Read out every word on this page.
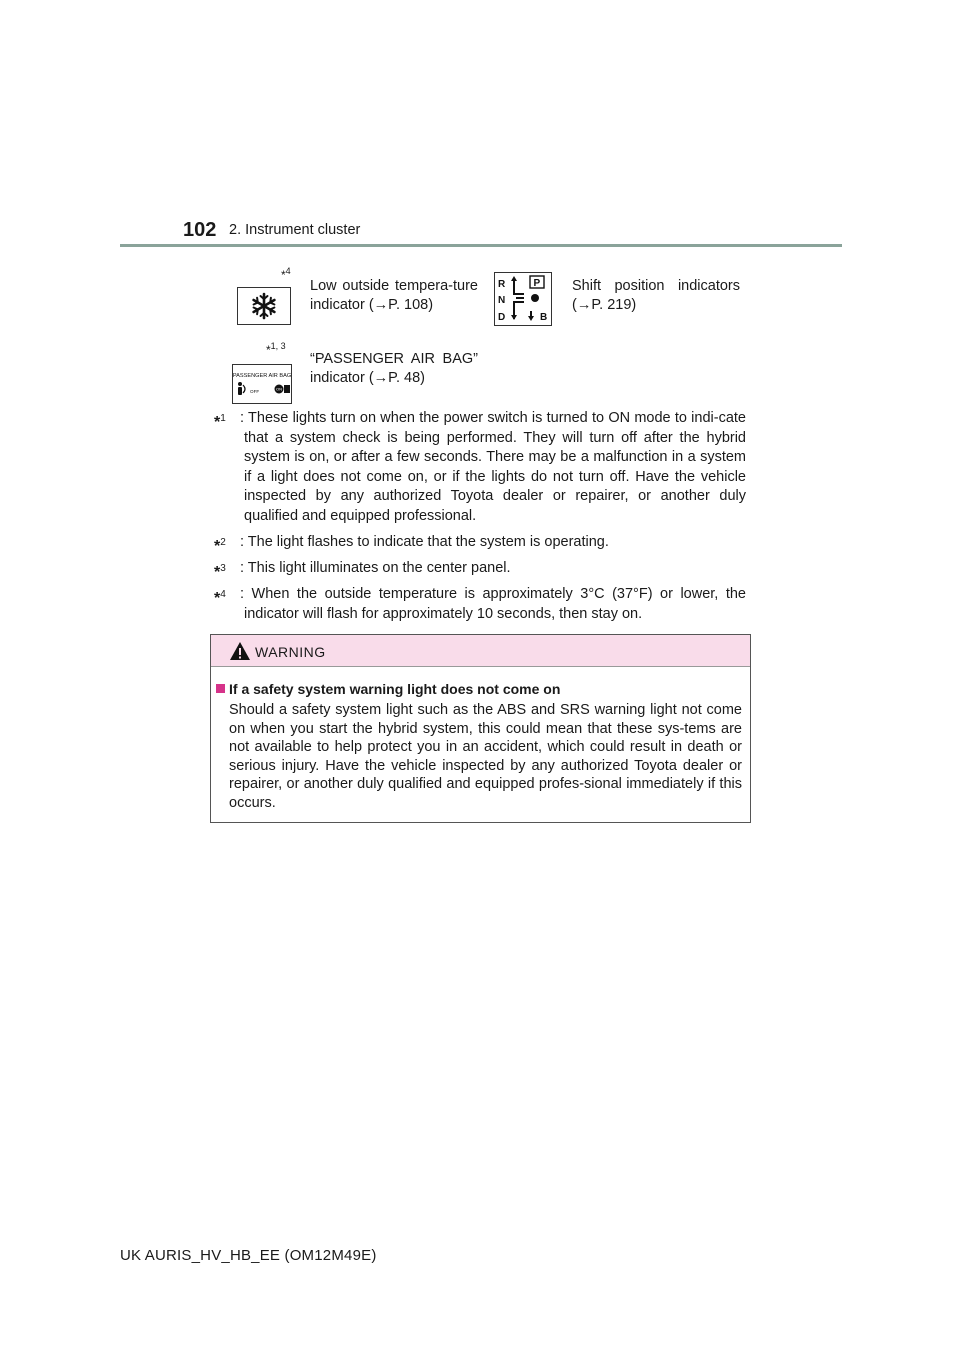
102 2. Instrument cluster
*$^4$
Low outside tempera-ture indicator (→P. 108)
R
N
D
P
B
Shift position indicators (→P. 219)
*$^{1, 3}$
PASSENGER AIR BAG
OFF	ON
“PASSENGER AIR BAG” indicator (→P. 48)
*$^1$ : These lights turn on when the power switch is turned to ON mode to indi-cate that a system check is being performed. They will turn off after the hybrid system is on, or after a few seconds. There may be a malfunction in a system if a light does not come on, or if the lights do not turn off. Have the vehicle inspected by any authorized Toyota dealer or repairer, or another duly qualified and equipped professional.
*$^2$ : The light flashes to indicate that the system is operating.
*$^3$ : This light illuminates on the center panel.
*$^4$ : When the outside temperature is approximately 3°C (37°F) or lower, the indicator will flash for approximately 10 seconds, then stay on.
WARNING
If a safety system warning light does not come on
Should a safety system light such as the ABS and SRS warning light not come on when you start the hybrid system, this could mean that these sys-tems are not available to help protect you in an accident, which could result in death or serious injury. Have the vehicle inspected by any authorized Toyota dealer or repairer, or another duly qualified and equipped profes-sional immediately if this occurs.
UK AURIS_HV_HB_EE (OM12M49E)
